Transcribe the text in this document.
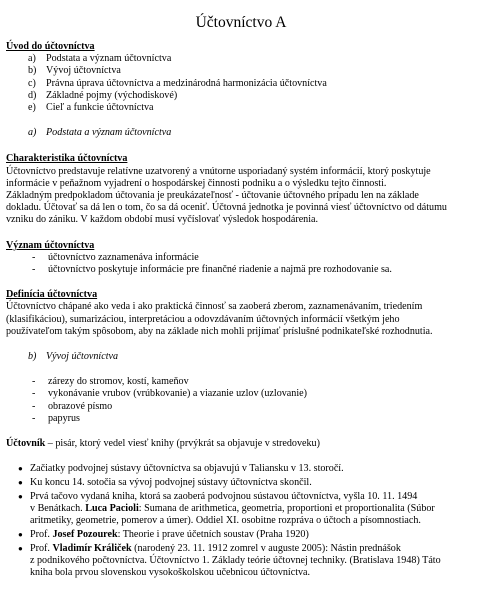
Účtovníctvo A

Úvod do účtovníctva

a)	Podstata a význam účtovníctva
b) Vývoj účtovníctva
c)	Právna úprava účtovníctva a medzinárodná harmonizácia účtovníctva
d) Základné pojmy (východiskové)
e)	Cieľ a funkcie účtovníctva
a) Podstata a význam účtovníctva

Charakteristika účtovníctva

Účtovníctvo predstavuje relatívne uzatvorený a vnútorne usporiadaný systém informácií, ktorý poskytuje

informácie v peňažnom vyjadrení o hospodárskej činnosti podniku a o výsledku tejto činnosti.

Základným predpokladom účtovania je preukázateľnosť - účtovanie účtovného prípadu len na základe

dokladu. Účtovať sa dá len o tom, čo sa dá oceniť. Účtovná jednotka je povinná viesť účtovníctvo od dátumu

vzniku do zániku. V každom období musí vyčíslovať výsledok hospodárenia.

Význam účtovníctva

-	účtovníctvo zaznamenáva informácie
-	účtovníctvo poskytuje informácie pre finančné riadenie a najmä pre rozhodovanie sa.

Definícia účtovníctva

Účtovníctvo chápané ako veda i ako praktická činnosť sa zaoberá zberom, zaznamenávaním, triedením

(klasifikáciou), sumarizáciou, interpretáciou a odovzdávaním účtovných informácií všetkým jeho

používateľom takým spôsobom, aby na základe nich mohli prijímať príslušné podnikateľské rozhodnutia.

b) Vývoj účtovníctva
-	zárezy do stromov, kostí, kameňov
-	vykonávanie vrubov (vrúbkovanie) a viazanie uzlov (uzlovanie)
-	obrazové písmo
-	papyrus

Účtovník – pisár, ktorý vedel viesť knihy (prvýkrát sa objavuje v stredoveku)

● Začiatky podvojnej sústavy účtovníctva sa objavujú v Taliansku v 13. storočí.
● Ku koncu 14. sotočia sa vývoj podvojnej sústavy účtovníctva skončil.
● Prvá tačovo vydaná kniha, ktorá sa zaoberá podvojnou sústavou účtovníctva, vyšla 10. 11. 1494
v Benátkach. Luca Pacioli: Sumana de arithmetica, geometria, proportioni et proportionalita (Súbor
aritmetiky, geometrie, pomerov a úmer). Oddiel XI. osobitne rozpráva o účtoch a písomnostiach.
● Prof. Josef Pozourek: Theorie i prave účetních soustav (Praha 1920)
● Prof. Vladimír Králiček (narodený 23. 11. 1912 zomrel v auguste 2005): Nástin prednášok
z podnikového počtovníctva. Účtovníctvo 1. Základy teórie účtovnej techniky. (Bratislava 1948) Táto
kniha bola prvou slovenskou vysokoškolskou učebnicou účtovníctva.
